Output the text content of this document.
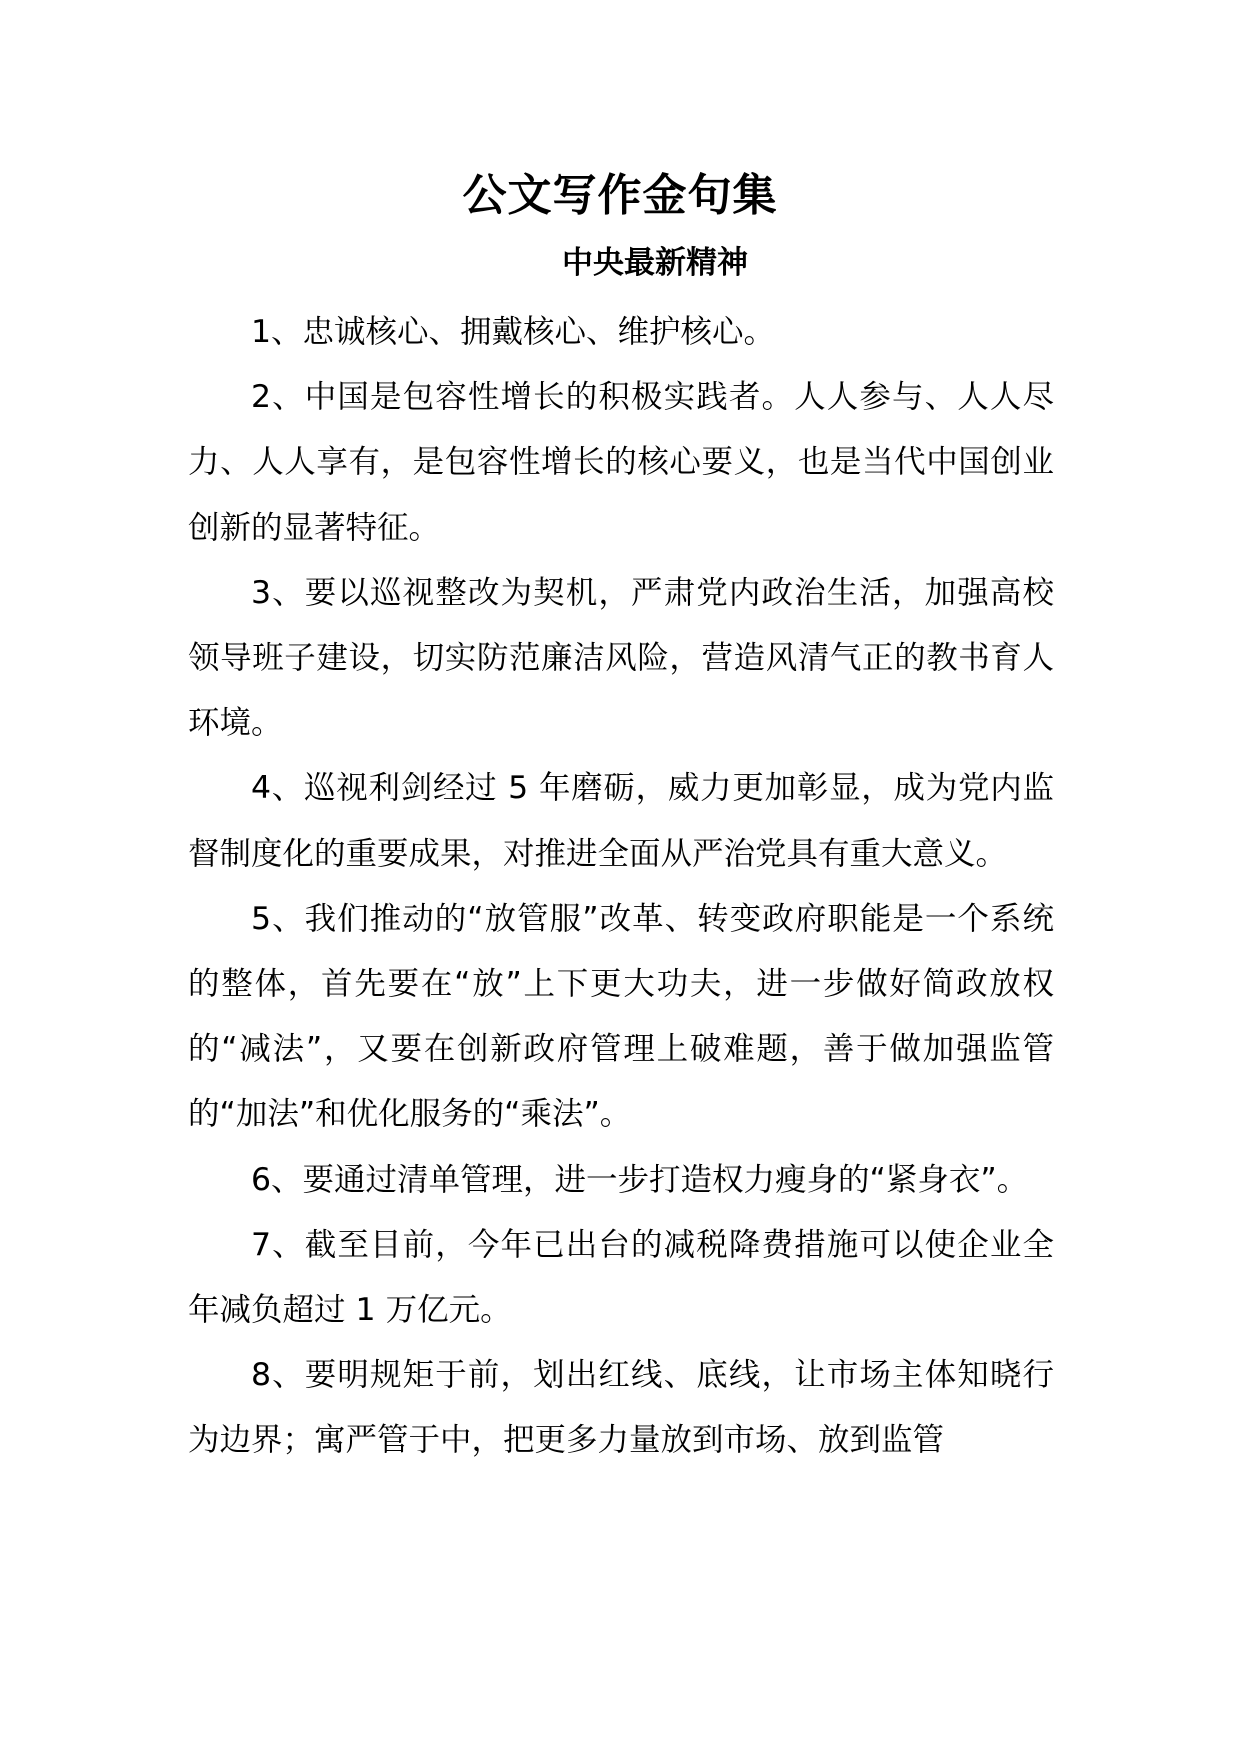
公文写作金句集
中央最新精神

1、忠诚核心、拥戴核心、维护核心。

2、中国是包容性增长的积极实践者。人人参与、人人尽力、人人享有，是包容性增长的核心要义，也是当代中国创业创新的显著特征。

3、要以巡视整改为契机，严肃党内政治生活，加强高校领导班子建设，切实防范廉洁风险，营造风清气正的教书育人环境。

4、巡视利剑经过 5 年磨砺，威力更加彰显，成为党内监督制度化的重要成果，对推进全面从严治党具有重大意义。

5、我们推动的“放管服”改革、转变政府职能是一个系统的整体，首先要在“放”上下更大功夫，进一步做好简政放权的“减法”，又要在创新政府管理上破难题，善于做加强监管的“加法”和优化服务的“乘法”。

6、要通过清单管理，进一步打造权力瘦身的“紧身衣”。

7、截至目前，今年已出台的减税降费措施可以使企业全年减负超过 1 万亿元。

8、要明规矩于前，划出红线、底线，让市场主体知晓行为边界；寓严管于中，把更多力量放到市场、放到监管
